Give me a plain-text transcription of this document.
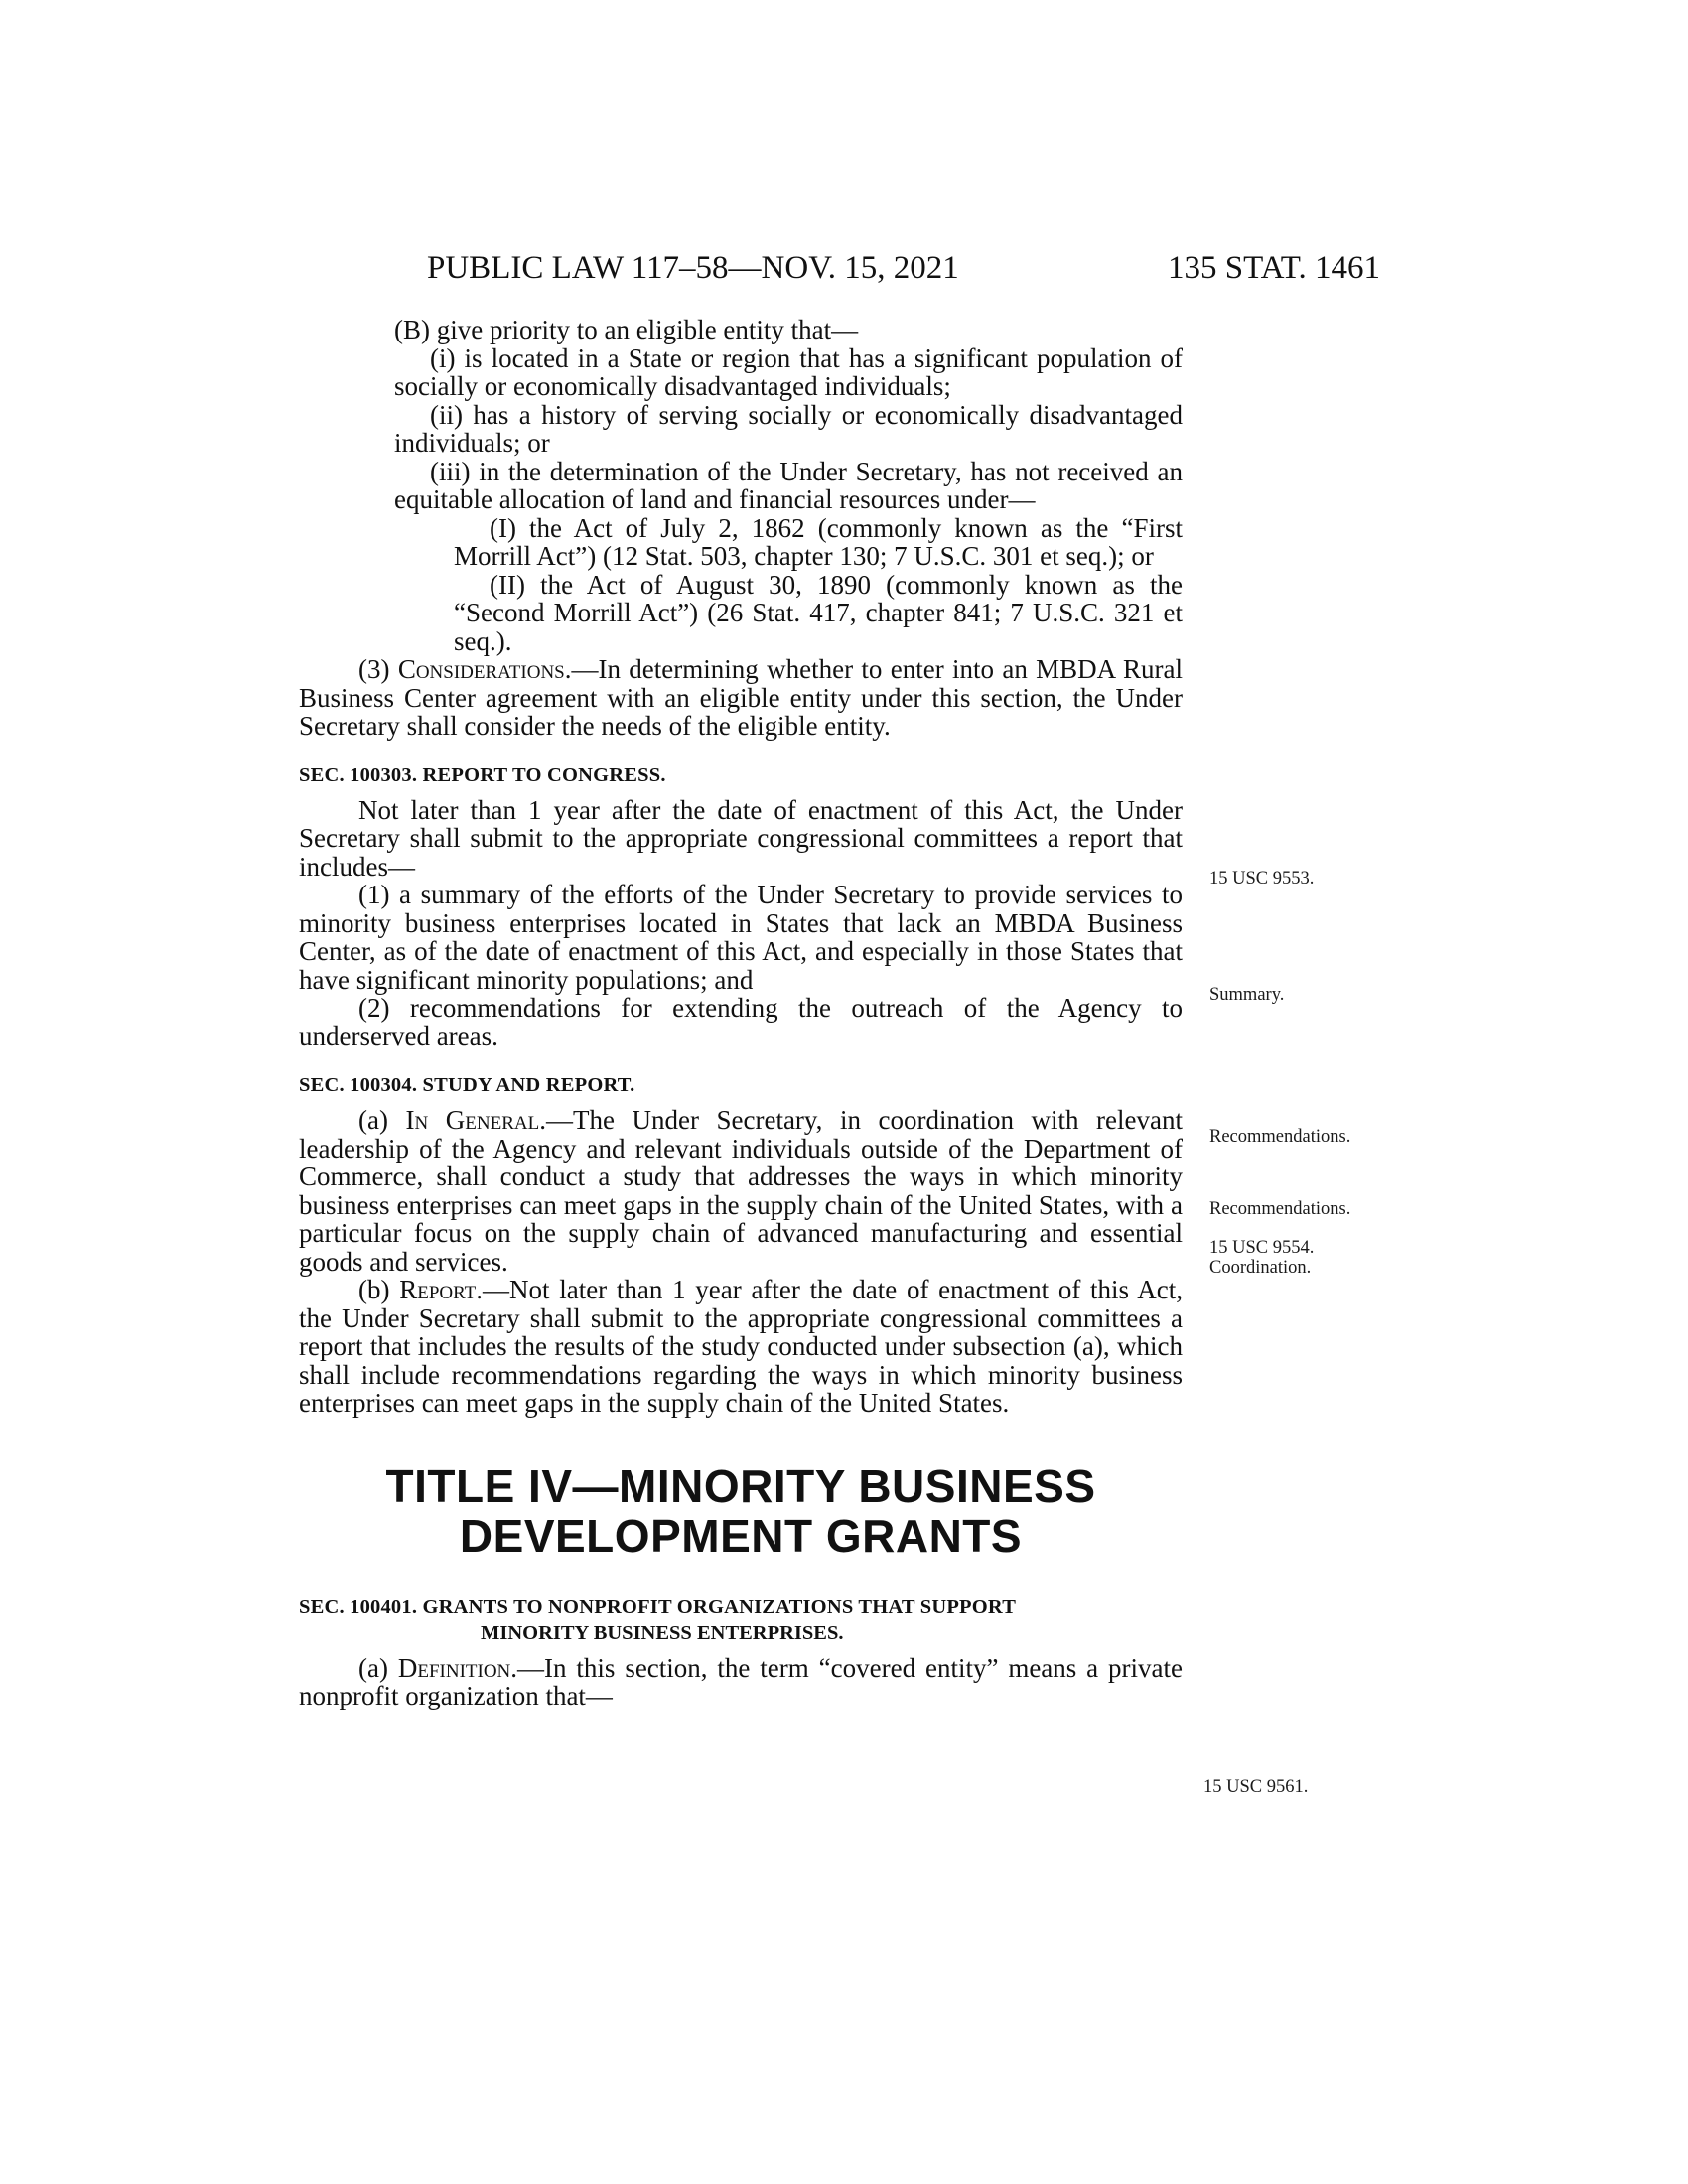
PUBLIC LAW 117–58—NOV. 15, 2021	135 STAT. 1461

(B) give priority to an eligible entity that—

(i) is located in a State or region that has a significant population of socially or economically disadvantaged individuals;

(ii) has a history of serving socially or economically disadvantaged individuals; or

(iii) in the determination of the Under Secretary, has not received an equitable allocation of land and financial resources under—

(I) the Act of July 2, 1862 (commonly known as the “First Morrill Act”) (12 Stat. 503, chapter 130; 7 U.S.C. 301 et seq.); or

(II) the Act of August 30, 1890 (commonly known as the “Second Morrill Act”) (26 Stat. 417, chapter 841; 7 U.S.C. 321 et seq.).

(3) Considerations.—In determining whether to enter into an MBDA Rural Business Center agreement with an eligible entity under this section, the Under Secretary shall consider the needs of the eligible entity.

SEC. 100303. REPORT TO CONGRESS.

Not later than 1 year after the date of enactment of this Act, the Under Secretary shall submit to the appropriate congressional committees a report that includes—

(1) a summary of the efforts of the Under Secretary to provide services to minority business enterprises located in States that lack an MBDA Business Center, as of the date of enactment of this Act, and especially in those States that have significant minority populations; and

(2) recommendations for extending the outreach of the Agency to underserved areas.

SEC. 100304. STUDY AND REPORT.

(a) In General.—The Under Secretary, in coordination with relevant leadership of the Agency and relevant individuals outside of the Department of Commerce, shall conduct a study that addresses the ways in which minority business enterprises can meet gaps in the supply chain of the United States, with a particular focus on the supply chain of advanced manufacturing and essential goods and services.

(b) Report.—Not later than 1 year after the date of enactment of this Act, the Under Secretary shall submit to the appropriate congressional committees a report that includes the results of the study conducted under subsection (a), which shall include recommendations regarding the ways in which minority business enterprises can meet gaps in the supply chain of the United States.

TITLE IV—MINORITY BUSINESS
DEVELOPMENT GRANTS
SEC. 100401. GRANTS TO NONPROFIT ORGANIZATIONS THAT SUPPORT
MINORITY BUSINESS ENTERPRISES.

(a) Definition.—In this section, the term “covered entity” means a private nonprofit organization that—

15 USC 9553.
Summary.
Recommendations.
Recommendations.
15 USC 9554.
Coordination.
15 USC 9561.
